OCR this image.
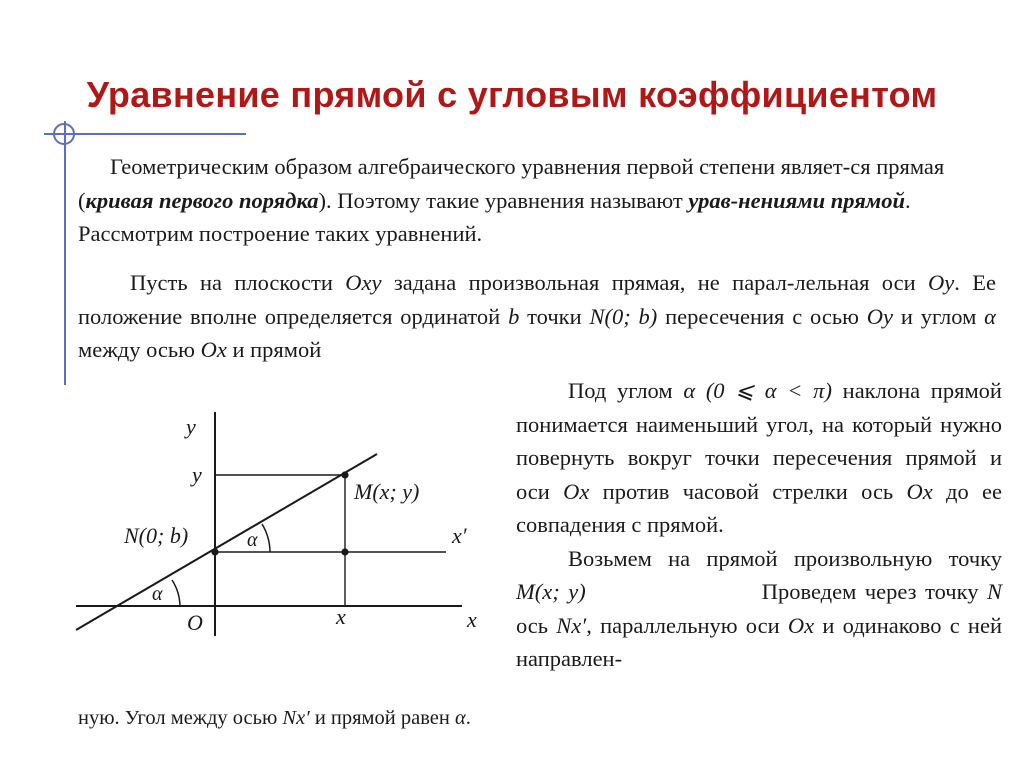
Уравнение прямой с угловым коэффициентом
Геометрическим образом алгебраического уравнения первой степени являет-ся прямая (кривая первого порядка). Поэтому такие уравнения называют урав-нениями прямой. Рассмотрим построение таких уравнений.
Пусть на плоскости Oxy задана произвольная прямая, не парал-лельная оси Oy. Ее положение вполне определяется ординатой b точки N(0; b) пересечения с осью Oy и углом α между осью Ox и прямой
Под углом α (0 ⩽ α < π) наклона прямой понимается наименьший угол, на который нужно повернуть вокруг точки пересечения прямой и оси Ox против часовой стрелки ось Ox до ее совпадения с прямой.
Возьмем на прямой произвольную точку M(x; y)	Проведем через точку N ось Nx′, параллельную оси Ox и одинаково с ней направлен-
ную. Угол между осью Nx′ и прямой равен α.
y
y
N(0; b)
M(x; y)
x′
α
α
O	x	x
